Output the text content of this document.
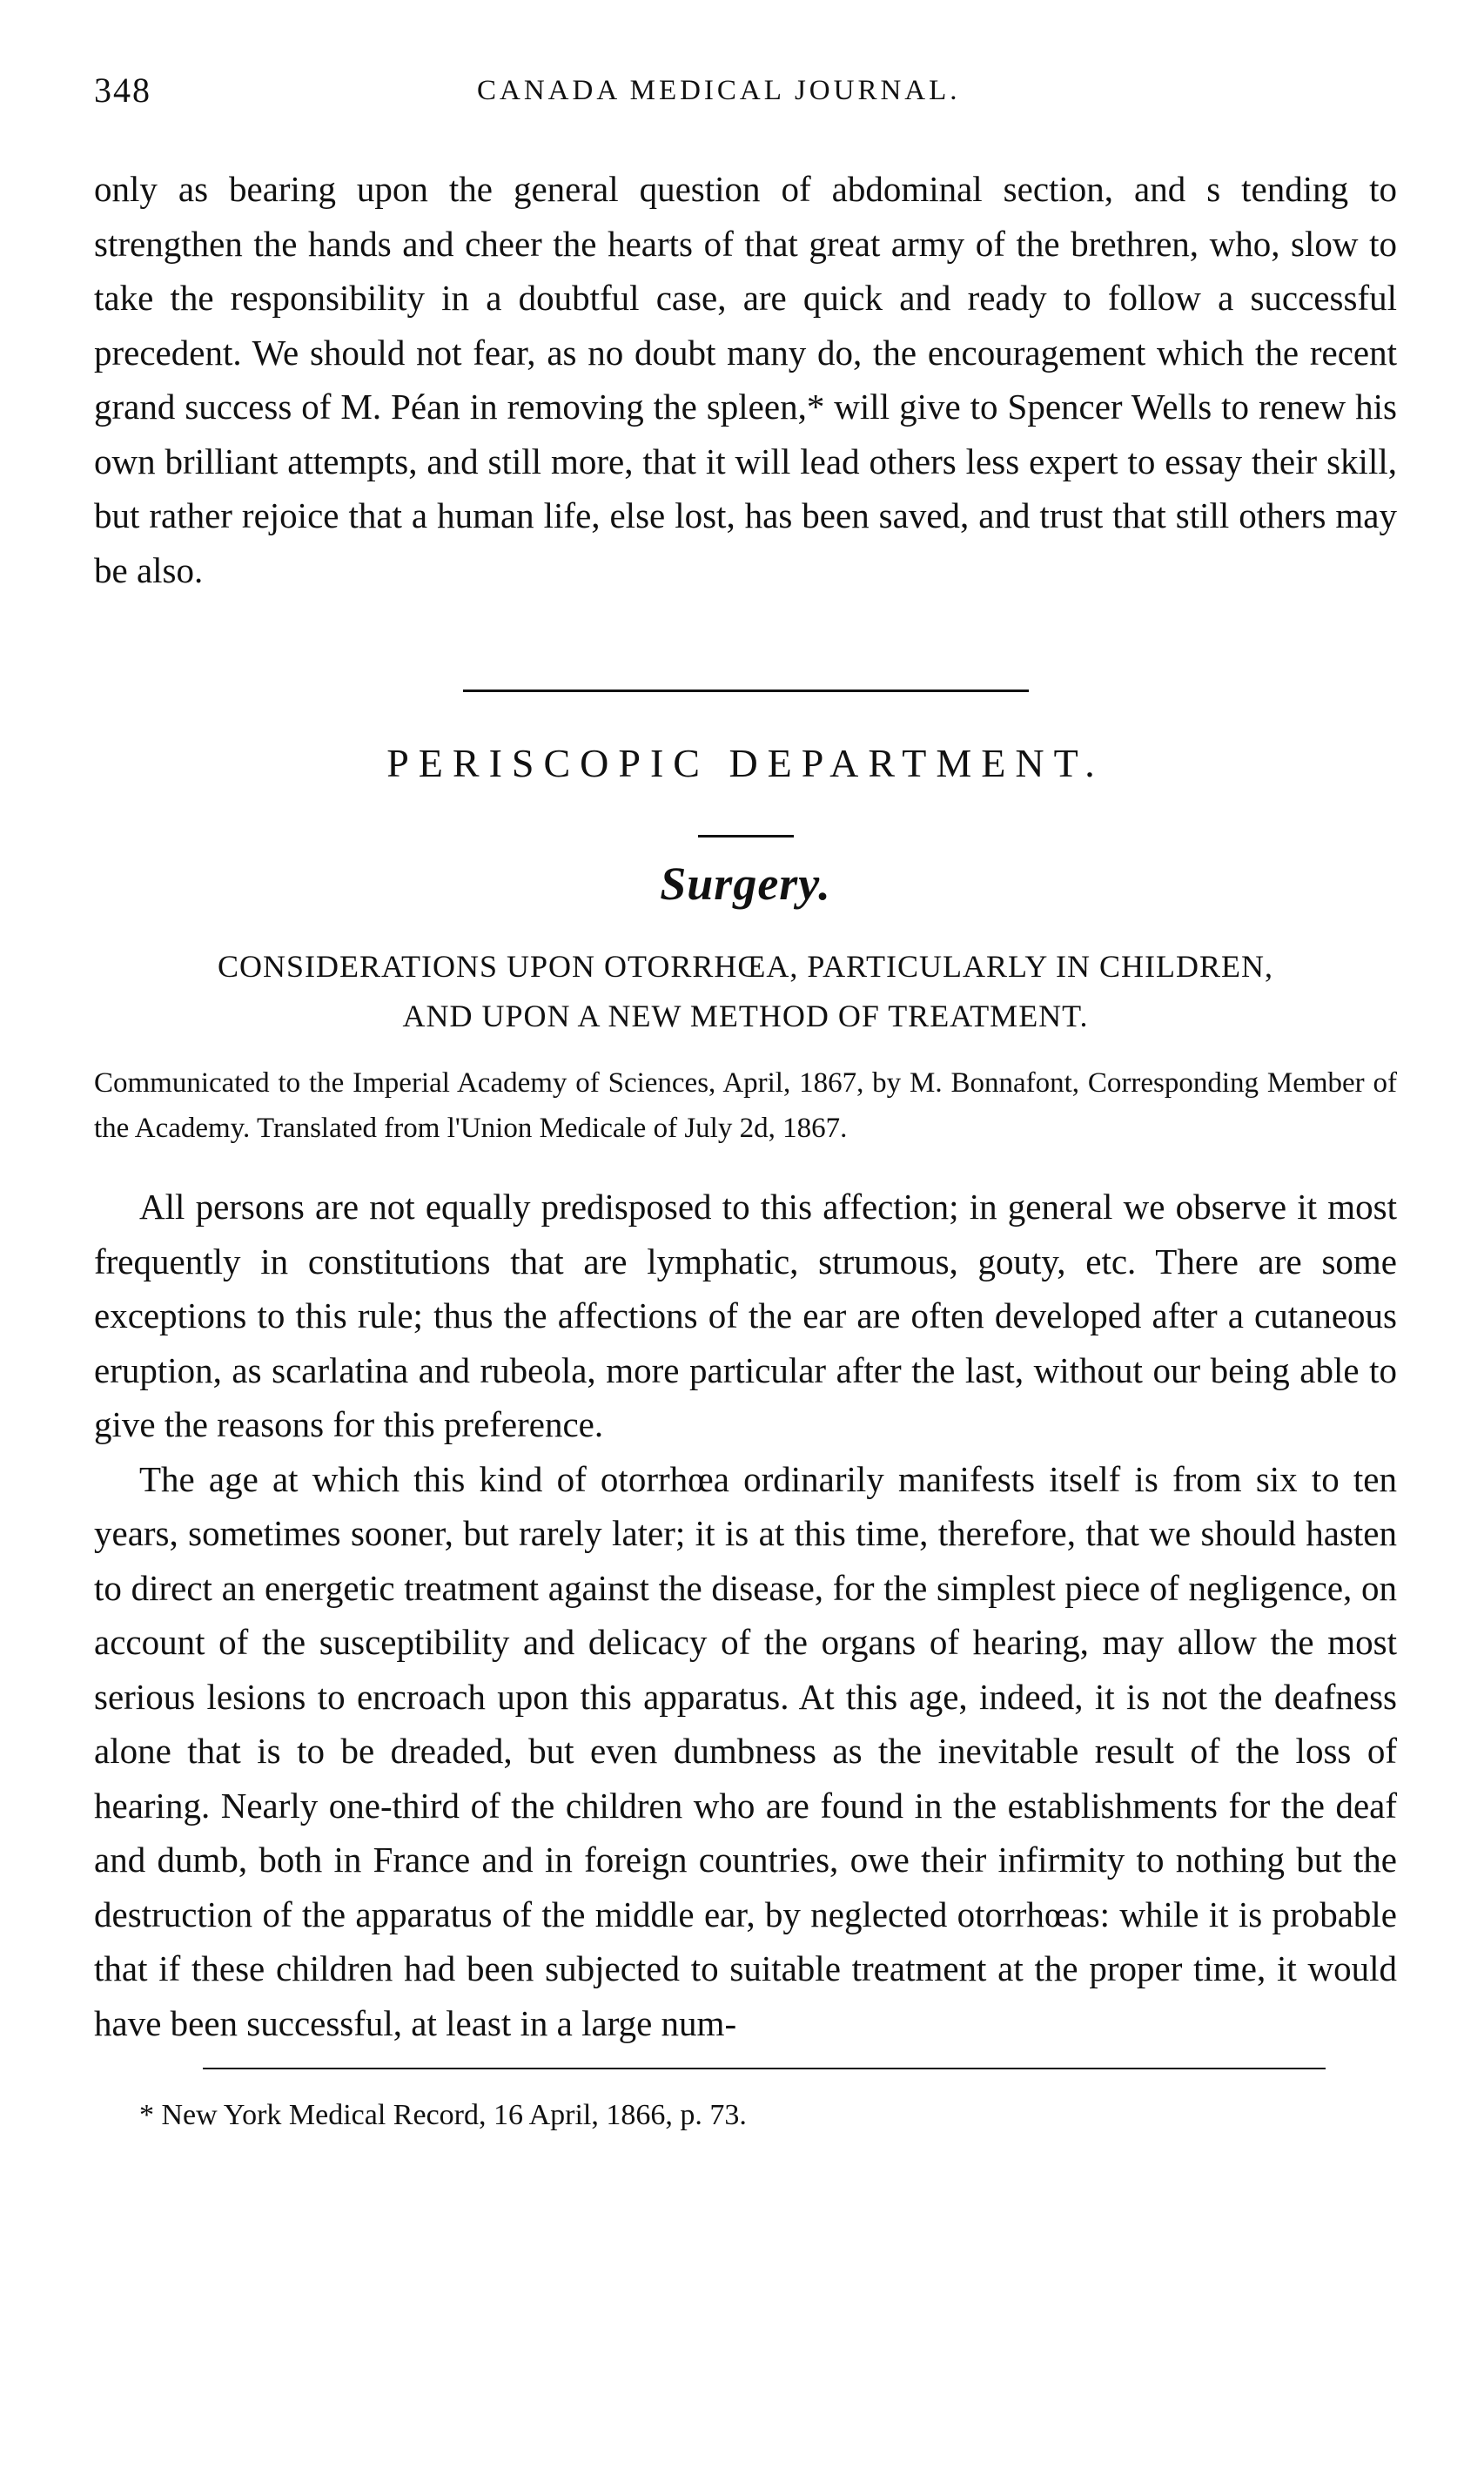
348	CANADA MEDICAL JOURNAL.

only as bearing upon the general question of abdominal section, and s tending to strengthen the hands and cheer the hearts of that great army of the brethren, who, slow to take the responsibility in a doubtful case, are quick and ready to follow a successful precedent. We should not fear, as no doubt many do, the encouragement which the recent grand success of M. Péan in removing the spleen,* will give to Spencer Wells to renew his own brilliant attempts, and still more, that it will lead others less expert to essay their skill, but rather rejoice that a human life, else lost, has been saved, and trust that still others may be also.

PERISCOPIC DEPARTMENT.
Surgery.
CONSIDERATIONS UPON OTORRHŒA, PARTICULARLY IN CHILDREN,
AND UPON A NEW METHOD OF TREATMENT.

Communicated to the Imperial Academy of Sciences, April, 1867, by M. Bonnafont, Corresponding Member of the Academy. Translated from l'Union Medicale of July 2d, 1867.

All persons are not equally predisposed to this affection; in general we observe it most frequently in constitutions that are lymphatic, strumous, gouty, etc. There are some exceptions to this rule; thus the affections of the ear are often developed after a cutaneous eruption, as scarlatina and rubeola, more particular after the last, without our being able to give the reasons for this preference.

The age at which this kind of otorrhœa ordinarily manifests itself is from six to ten years, sometimes sooner, but rarely later; it is at this time, therefore, that we should hasten to direct an energetic treatment against the disease, for the simplest piece of negligence, on account of the susceptibility and delicacy of the organs of hearing, may allow the most serious lesions to encroach upon this apparatus. At this age, indeed, it is not the deafness alone that is to be dreaded, but even dumbness as the inevitable result of the loss of hearing. Nearly one-third of the children who are found in the establishments for the deaf and dumb, both in France and in foreign countries, owe their infirmity to nothing but the destruction of the apparatus of the middle ear, by neglected otorrhœas: while it is probable that if these children had been subjected to suitable treatment at the proper time, it would have been successful, at least in a large num-

* New York Medical Record, 16 April, 1866, p. 73.
